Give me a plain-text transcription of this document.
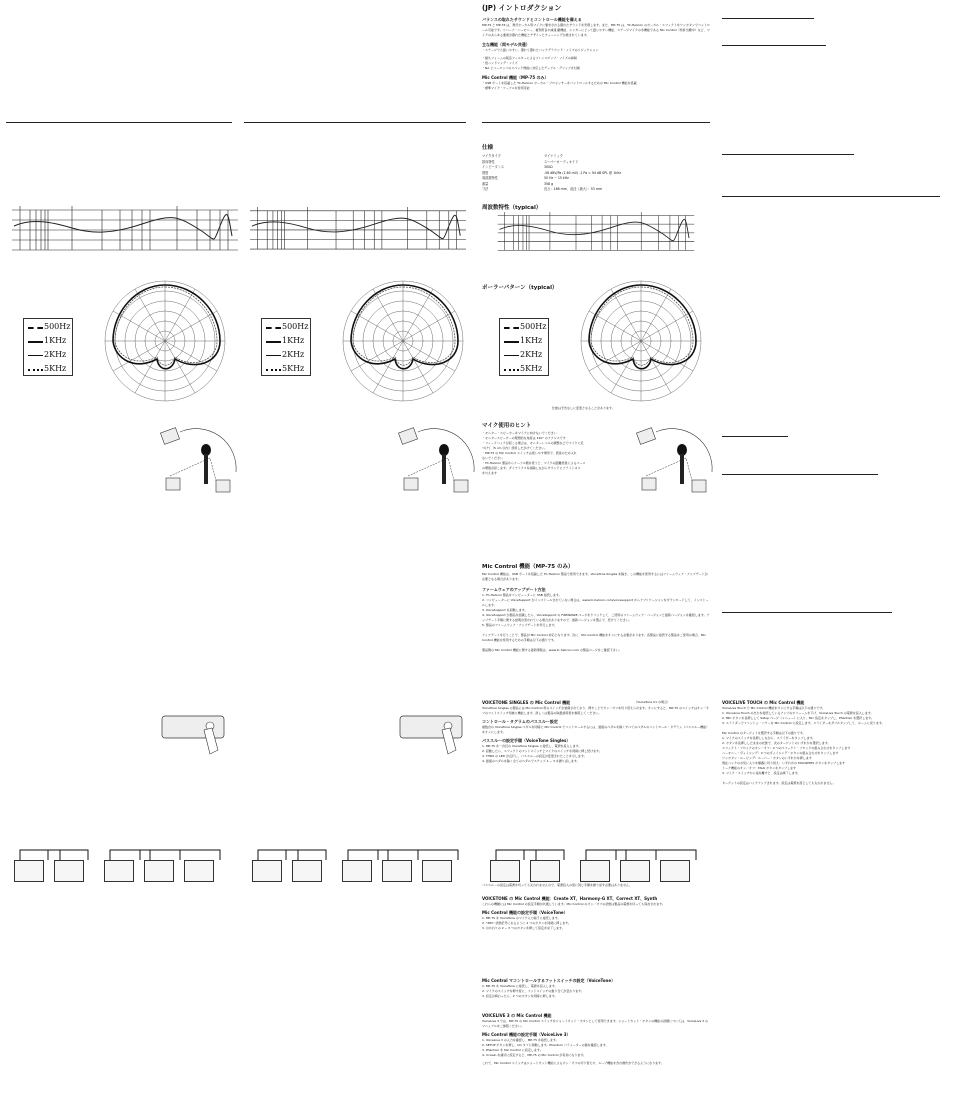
500Hz
1KHz
2KHz
5KHz
500Hz
1KHz
2KHz
5KHz
(JP) イントロダクション
バランスの取れたサウンドとコントロール機能を備える
MP-75 と MP-76 は、現代ボーカル用マイクに要求される優れたサウンドを実現します。また、MP-75 は、TC-Helicon のボーカル・エフェクトをワンボタンでコントロール可能です。リバーブ・ハーモニー、複利用音や減速 顕機能、シンガーにとって扱いやすい機能、ステージマイクの多機能である Mic Control（特許出願中）など、マイクのあらゆる要素が優れた機能とデザインとチューニングが施されています。
主な機能（両モデル共通）
・ステージでも扱いやすい、優れて優れたバックグラウンド・ノイズのリジェクション
・耐久フォームの吸音フィルターによるプレンスポップ・ノイズの抑制
・低ハンドリング・ノイズ
・NA とユーロッパのスペック規格に対応したデュアル・グリップを付属
Mic Control 機能（MP-75 のみ）
・USB ポートを搭載した TC-Helicon ボーカル・プロセッサーをコントロールするための Mic Control 機能を搭載
・標準マイク・ケーブルを使用可能
仕様
マイクタイプ	ダイナミック
指向特性	スーパーカーディオイド
インピーダンス	300Ω
感度	-56 dBV/Pa (1.60 mV) -1 Pa = 94 dB SPL @ 1kHz
周波数特性	50 Hz ~ 15 kHz
重量	358 g
寸法	長さ：186 mm、直径（最大）：53 mm
周波数特性（typical）
ポーラーパターン（typical）
500Hz
1KHz
2KHz
5KHz
仕様は予告なしに変更となることがあります。
マイク使用のヒント
・モニター・スピーカーをマイクに向けないでください
・モニタースピーカーの理想的な角度は 120° のアクシスです
・フィードバックが起こる場合は、モニターレベルの調整などでマイクに近
づけて（5 cm 以内）使用したがけてください。
・MP-75 の Mic Control スイッチは使いやす場所で、誤差のため入れ
ないでください
・TC-Helicon 製品からケーブル側を使うと、マイクの距離感覚によるベース
の増強が起こます。ダイナミクスを削除しながらサウンドにブライトネス
を与えます
Mic Control 機能（MP-75 のみ）
Mic Control 機能は、USB ポートを搭載した TC-Helicon 製品で使用できます。VoiceTone Singles を除き、この機能を使用するにはファームウェア・アップデートが必要となる場合があります。
ファームウェアのアップデート方法
1. TC-Helicon 製品をコンピューターに USB 接続します。
2. コンピューターに VoiceSupport がインストールされていない場合は、www.tc-helicon.com/voicesupport からアプリケーションをダウンロードして、インストールします。
3. VoiceSupport を起動します。
4. VoiceSupport が製品を認識したら、VoiceSupport の FIRMWARE ページをクリックして、ご使用のファームウェア・バージョンと最新バージョンを確認します。アップデート手順に関する説明が書かれている場合がありますので、最新バージョンを選んで、続けてください。
5. 製品のファームウェア・アップデートを実行します。
アップデートを行うことで、製品が Mic Control 対応となります。次に、Mic Control 機能をオンにする必要があります。各製品に接続する製品をご使用の場合、Mic Control 機能を使用するための手順は以下の通りです。
製品側の Mic Control 機能に関する最新情報は、www.tc-helicon.com の製品ページをご確認下さい。
VOICETONE SINGLES の Mic Control 機能	（VoiceTone C1 の場合）
VoiceTone Singles の製品には Mic Control 用のスイッチが装備されており、押すことでオン／オフを切り替えられます。オンにすると、MP-75 のスイッチはオン／オフのフットスイッチ同様に機能します。詳しくは製品の取扱説明書を参照してください。
コントロール・タグラムのパススルー設定
複数台の VoiceTone Singles ペダルを同時に Mic Control でコントロールするには、最後のペダルを除くすべてのペダルのコントロール・タグラム（パススルー機能）をオンにします。
パススルーの設定手順（VoiceTone Singles）
1. MP-75 を一台目の VoiceTone Singles に接続し、電源を投入します。
2. 起動したら、エフェクトのフットスイッチとマイクのスイッチを同時に押し続けます。
3. THRU の LED が点灯し、パススルーの設定が変更されたことを示します。
4. 最後のペダルを除く全てのペダルでステップ 1 ~ 3 を繰り返します。
パススルーの設定は電源を切っても失われませんので、電源投入の度に同じ手順を繰り返す必要はありません。
VOICETONE の Mic Control 機能：Create XT、Harmony-G XT、Correct XT、Synth
これらの機種には Mic Control の設定手順が共通しています。Mic Control のオン／オフの状態は製品の電源を切っても保存されます。
Mic Control 機能の設定手順（VoiceTone）
1. MP-75 を VoiceTone のマイク入力端子に接続します。
2. "48V" 状態記号にあるように 2 つのボタンを同時に押します。
3. おかわりの 2 ~ 3 つのボタンを押して設定を完了します。
Mic Control マコントロールするフットスイッチの設定（VoiceTone）
1. MP-75 を VoiceTone に接続し、電源を投入します。
2. マイクのスイッチを押す度に、フットスイッチの割り当てが変わります。
3. 設定が終わったら、2 つのボタンを同時に押します。
VOICELIVE 3 の Mic Control 機能
VoiceLive 3 では、MP-75 の Mic Control スイッチをショートカット・ボタンとして使用できます。ショートカット・ボタンの機能の詳細については、VoiceLive 3 のマニュアルをご参照ください。
Mic Control 機能の設定手順（VoiceLive 3）
1. VoiceLive 3 の入力を確認し、MP-75 を接続します。
2. SETUP ボタンを押し、I/O タブに移動します。Phantom パラメーターの値を確認します。
3. Phantom を Mic Control に設定します。
4. In Gain を適切に設定すると、MP-75 の Mic Control が有効になります。
これで、Mic Control スイッチはショートカット機能によるオン／オフの切り替えや、ループ機能を含む操作ができるようになります。
VOICELIVE TOUCH の Mic Control 機能
VoiceLive Touch で Mic Control 機能をオンにする手順は以下の通りです。
1. VoiceLive Touch の出力を接続しているアンプのボリュームを下げ、VoiceLive Touch の電源を投入します。
2. MIC ボタンを長押しして Setup ページ（メニュー）に入り、Mic 設定をタップし、Phantom を選択します。
3. スライダーでファントム・パワーを Mic Control に設定します。スライダーをダブルタップして、ホームに戻ります。
Mic Control のターゲットを選択する手順は以下の通りです。
1. マイクのスイッチを長押ししながら、スライダーをタップします。
2. ボタンを長押ししたままの状態で、次のターゲットのいずれかを選択します。
エフェクト・ブロックのオン／オフ：4 つのエフェクト・ブロックの組み合わせをタップします
ハーモニー・ヴォイシング：4 つのヴォイシング・ボタンの組み合わせをタップします
ワンボタン・ルーピング：ルーパー・ボタンのいずれかを押します
現在バンクのお気に入りを順番に切り替え：いずれかの FAVORITES ボタンをタップします
トーク機能のオン／オフ：TALK ボタンをタップします
3. マイク・スイッチから指を離すと、設定は終了します。
ターゲットの設定はバックアップされます。設定は電源を落としても失われません。
